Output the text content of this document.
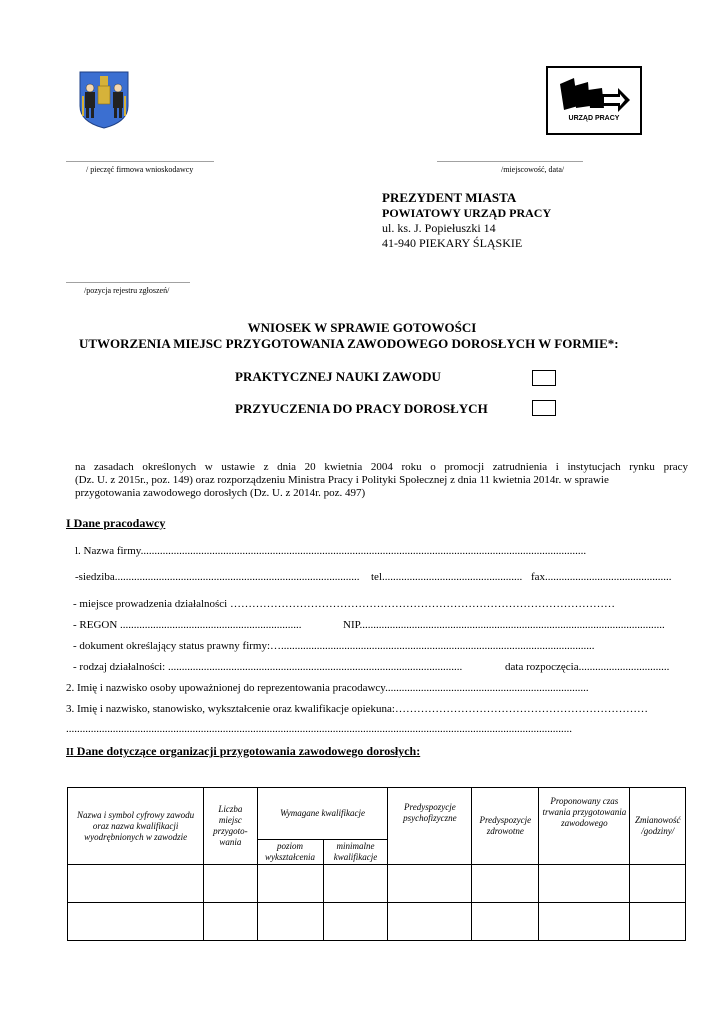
URZĄD PRACY
..........................................................................
/ pieczęć firmowa wnioskodawcy
.........................................................................
/miejscowość, data/
PREZYDENT MIASTA
POWIATOWY URZĄD PRACY
ul. ks. J. Popiełuszki 14
41-940 PIEKARY ŚLĄSKIE
..............................................................
/pozycja rejestru zgłoszeń/
WNIOSEK W SPRAWIE GOTOWOŚCI
UTWORZENIA MIEJSC PRZYGOTOWANIA ZAWODOWEGO DOROSŁYCH W FORMIE*:
PRAKTYCZNEJ NAUKI ZAWODU
PRZYUCZENIA DO PRACY DOROSŁYCH
na zasadach określonych w ustawie z dnia 20 kwietnia 2004 roku o promocji zatrudnienia i instytucjach rynku pracy
(Dz. U. z 2015r., poz. 149) oraz rozporządzeniu Ministra Pracy i Polityki Społecznej z dnia 11 kwietnia 2014r. w sprawie
przygotowania zawodowego dorosłych (Dz. U. z 2014r. poz. 497)
I Dane pracodawcy
l. Nazwa firmy..................................................................................................................................................................
-siedziba.........................................................................................	tel................................................... fax..............................................
- miejsce prowadzenia działalności ……………………………………………………………………………………………
- REGON ..................................................................	NIP...............................................................................................................
- dokument określający status prawny firmy:…..................................................................................................................
- rodzaj działalności: ...........................................................................................................	data rozpoczęcia.................................
2. Imię i nazwisko osoby upoważnionej do reprezentowania pracodawcy..........................................................................
3. Imię i nazwisko, stanowisko, wykształcenie oraz kwalifikacje opiekuna:……………………………………………………………
........................................................................................................................................................................................
II Dane dotyczące organizacji przygotowania zawodowego dorosłych:
Nazwa i symbol cyfrowy zawodu oraz nazwa kwalifikacji wyodrębnionych w zawodzie	Liczba miejsc przygoto-wania	Wymagane kwalifikacje		Predyspozycje psychofizyczne	Predyspozycje zdrowotne	Proponowany czas trwania przygotowania zawodowego	Zmianowość /godziny/
		poziom wykształcenia	minimalne kwalifikacje				
